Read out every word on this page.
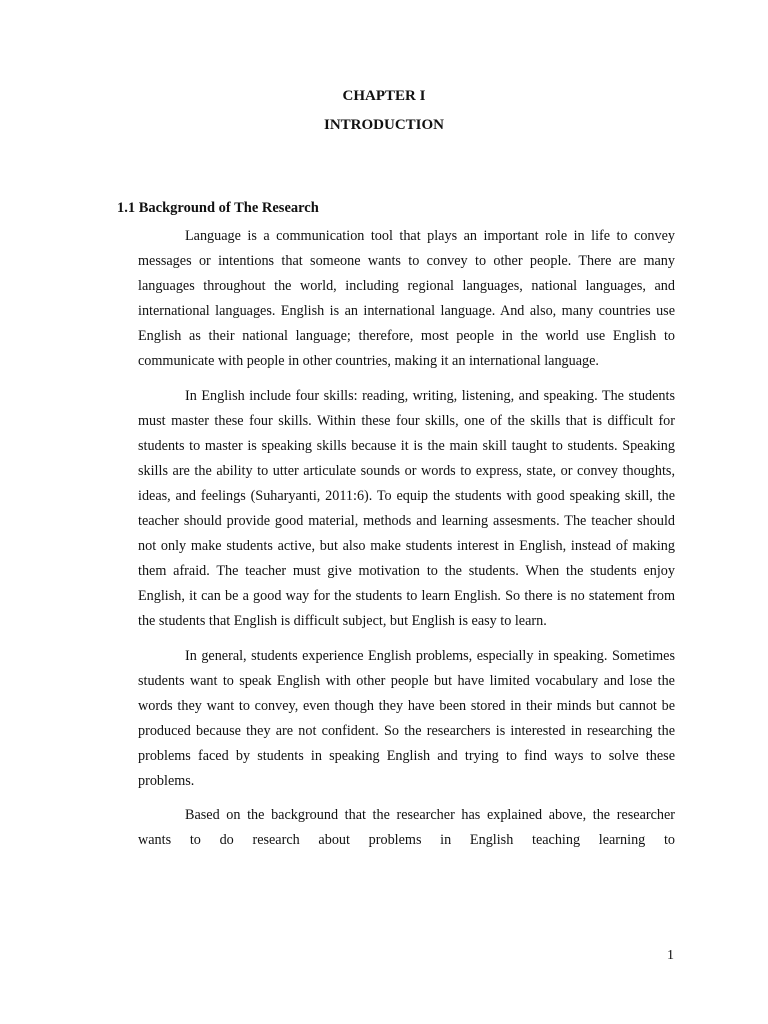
CHAPTER I
INTRODUCTION
1.1 Background of The Research

Language is a communication tool that plays an important role in life to convey messages or intentions that someone wants to convey to other people. There are many languages throughout the world, including regional languages, national languages, and international languages. English is an international language. And also, many countries use English as their national language; therefore, most people in the world use English to communicate with people in other countries, making it an international language.

In English include four skills: reading, writing, listening, and speaking. The students must master these four skills. Within these four skills, one of the skills that is difficult for students to master is speaking skills because it is the main skill taught to students. Speaking skills are the ability to utter articulate sounds or words to express, state, or convey thoughts, ideas, and feelings (Suharyanti, 2011:6). To equip the students with good speaking skill, the teacher should provide good material, methods and learning assesments. The teacher should not only make students active, but also make students interest in English, instead of making them afraid. The teacher must give motivation to the students. When the students enjoy English, it can be a good way for the students to learn English. So there is no statement from the students that English is difficult subject, but English is easy to learn.

In general, students experience English problems, especially in speaking. Sometimes students want to speak English with other people but have limited vocabulary and lose the words they want to convey, even though they have been stored in their minds but cannot be produced because they are not confident. So the researchers is interested in researching the problems faced by students in speaking English and trying to find ways to solve these problems.

Based on the background that the researcher has explained above, the researcher wants to do research about problems in English teaching learning to

1
